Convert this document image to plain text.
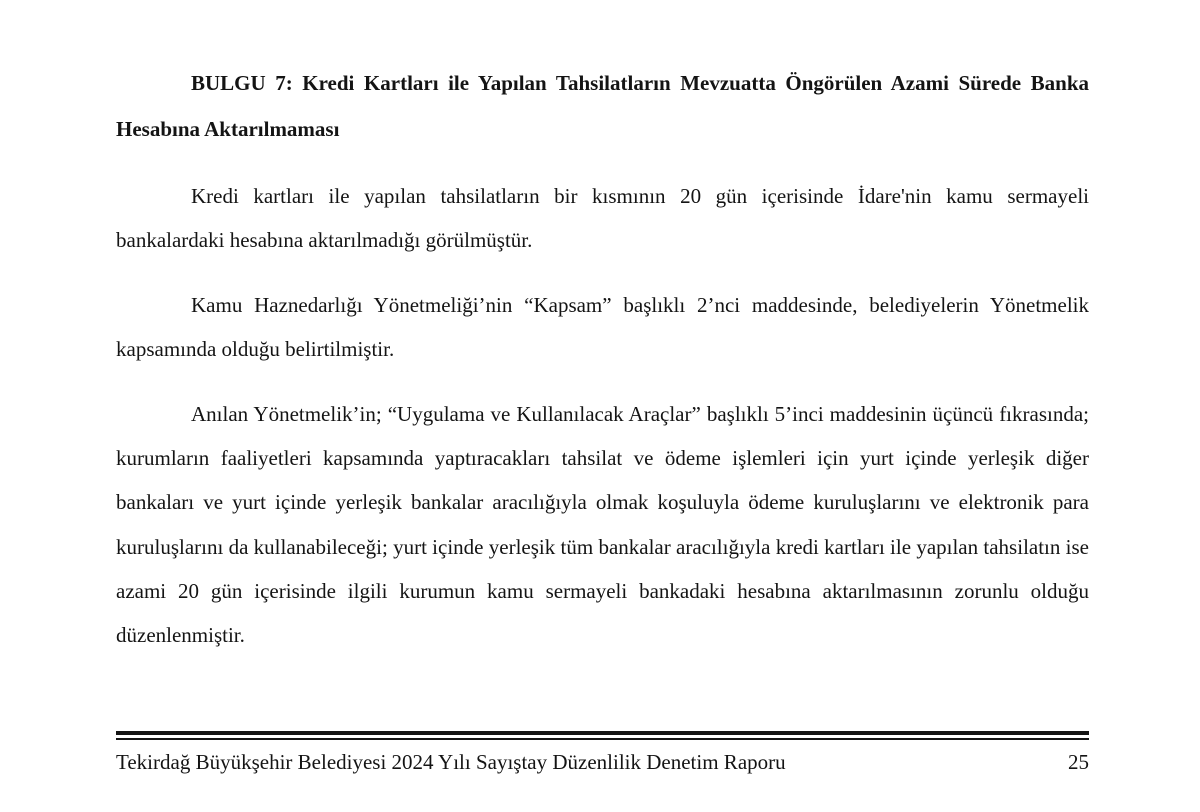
BULGU 7: Kredi Kartları ile Yapılan Tahsilatların Mevzuatta Öngörülen Azami Sürede Banka Hesabına Aktarılmaması

Kredi kartları ile yapılan tahsilatların bir kısmının 20 gün içerisinde İdare'nin kamu sermayeli bankalardaki hesabına aktarılmadığı görülmüştür.

Kamu Haznedarlığı Yönetmeliği’nin “Kapsam” başlıklı 2’nci maddesinde, belediyelerin Yönetmelik kapsamında olduğu belirtilmiştir.

Anılan Yönetmelik’in; “Uygulama ve Kullanılacak Araçlar” başlıklı 5’inci maddesinin üçüncü fıkrasında; kurumların faaliyetleri kapsamında yaptıracakları tahsilat ve ödeme işlemleri için yurt içinde yerleşik diğer bankaları ve yurt içinde yerleşik bankalar aracılığıyla olmak koşuluyla ödeme kuruluşlarını ve elektronik para kuruluşlarını da kullanabileceği; yurt içinde yerleşik tüm bankalar aracılığıyla kredi kartları ile yapılan tahsilatın ise azami 20 gün içerisinde ilgili kurumun kamu sermayeli bankadaki hesabına aktarılmasının zorunlu olduğu düzenlenmiştir.

Tekirdağ Büyükşehir Belediyesi 2024 Yılı Sayıştay Düzenlilik Denetim Raporu	25
